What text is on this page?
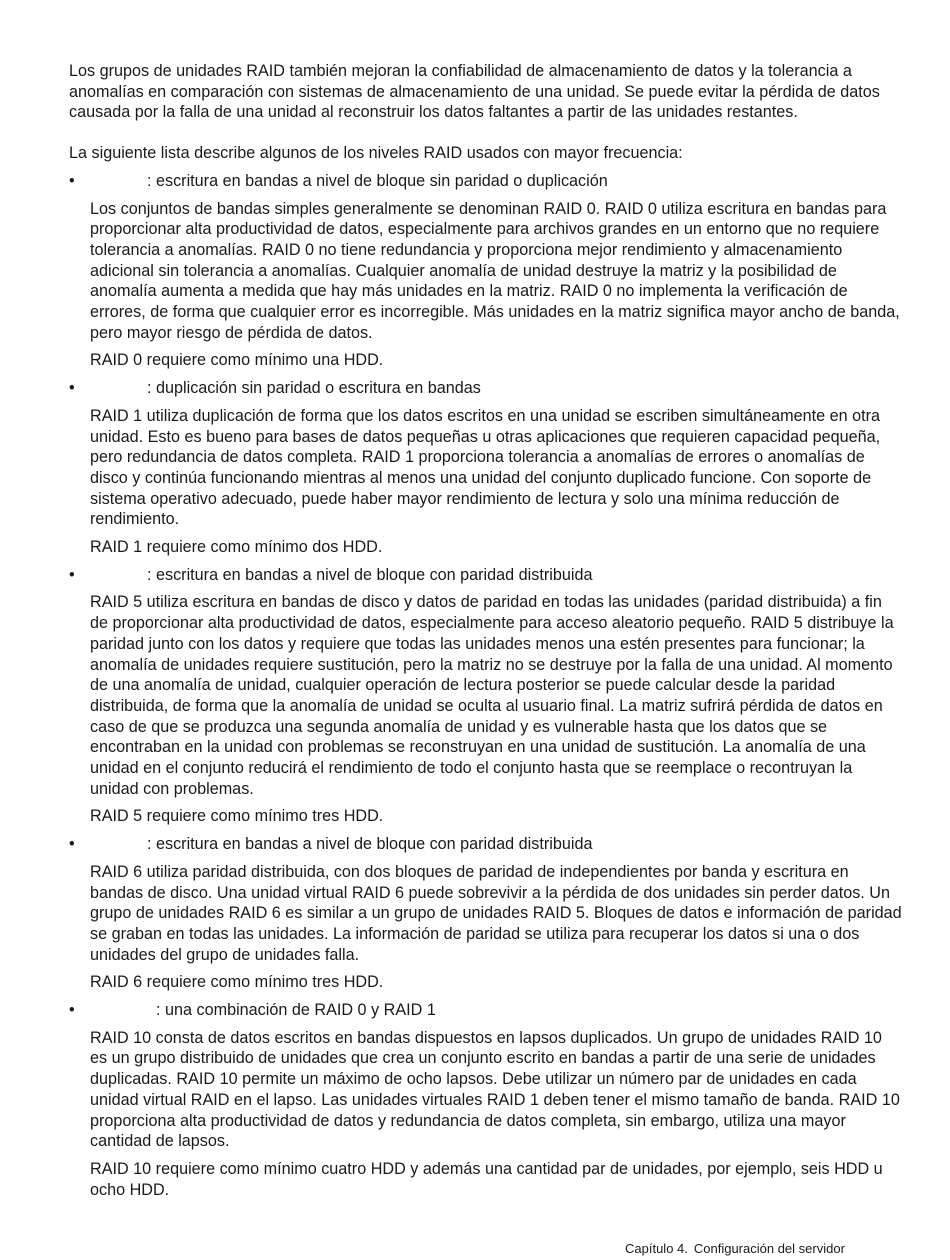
Los grupos de unidades RAID también mejoran la confiabilidad de almacenamiento de datos y la tolerancia a anomalías en comparación con sistemas de almacenamiento de una unidad. Se puede evitar la pérdida de datos causada por la falla de una unidad al reconstruir los datos faltantes a partir de las unidades restantes.

La siguiente lista describe algunos de los niveles RAID usados con mayor frecuencia:

•	: escritura en bandas a nivel de bloque sin paridad o duplicación

Los conjuntos de bandas simples generalmente se denominan RAID 0. RAID 0 utiliza escritura en bandas para proporcionar alta productividad de datos, especialmente para archivos grandes en un entorno que no requiere tolerancia a anomalías. RAID 0 no tiene redundancia y proporciona mejor rendimiento y almacenamiento adicional sin tolerancia a anomalías. Cualquier anomalía de unidad destruye la matriz y la posibilidad de anomalía aumenta a medida que hay más unidades en la matriz. RAID 0 no implementa la verificación de errores, de forma que cualquier error es incorregible. Más unidades en la matriz significa mayor ancho de banda, pero mayor riesgo de pérdida de datos.

RAID 0 requiere como mínimo una HDD.

•	: duplicación sin paridad o escritura en bandas

RAID 1 utiliza duplicación de forma que los datos escritos en una unidad se escriben simultáneamente en otra unidad. Esto es bueno para bases de datos pequeñas u otras aplicaciones que requieren capacidad pequeña, pero redundancia de datos completa. RAID 1 proporciona tolerancia a anomalías de errores o anomalías de disco y continúa funcionando mientras al menos una unidad del conjunto duplicado funcione. Con soporte de sistema operativo adecuado, puede haber mayor rendimiento de lectura y solo una mínima reducción de rendimiento.

RAID 1 requiere como mínimo dos HDD.

•	: escritura en bandas a nivel de bloque con paridad distribuida

RAID 5 utiliza escritura en bandas de disco y datos de paridad en todas las unidades (paridad distribuida) a fin de proporcionar alta productividad de datos, especialmente para acceso aleatorio pequeño. RAID 5 distribuye la paridad junto con los datos y requiere que todas las unidades menos una estén presentes para funcionar; la anomalía de unidades requiere sustitución, pero la matriz no se destruye por la falla de una unidad. Al momento de una anomalía de unidad, cualquier operación de lectura posterior se puede calcular desde la paridad distribuida, de forma que la anomalía de unidad se oculta al usuario final. La matriz sufrirá pérdida de datos en caso de que se produzca una segunda anomalía de unidad y es vulnerable hasta que los datos que se encontraban en la unidad con problemas se reconstruyan en una unidad de sustitución. La anomalía de una unidad en el conjunto reducirá el rendimiento de todo el conjunto hasta que se reemplace o recontruyan la unidad con problemas.

RAID 5 requiere como mínimo tres HDD.

•	: escritura en bandas a nivel de bloque con paridad distribuida

RAID 6 utiliza paridad distribuida, con dos bloques de paridad de independientes por banda y escritura en bandas de disco. Una unidad virtual RAID 6 puede sobrevivir a la pérdida de dos unidades sin perder datos. Un grupo de unidades RAID 6 es similar a un grupo de unidades RAID 5. Bloques de datos e información de paridad se graban en todas las unidades. La información de paridad se utiliza para recuperar los datos si una o dos unidades del grupo de unidades falla.

RAID 6 requiere como mínimo tres HDD.

•	: una combinación de RAID 0 y RAID 1

RAID 10 consta de datos escritos en bandas dispuestos en lapsos duplicados. Un grupo de unidades RAID 10 es un grupo distribuido de unidades que crea un conjunto escrito en bandas a partir de una serie de unidades duplicadas. RAID 10 permite un máximo de ocho lapsos. Debe utilizar un número par de unidades en cada unidad virtual RAID en el lapso. Las unidades virtuales RAID 1 deben tener el mismo tamaño de banda. RAID 10 proporciona alta productividad de datos y redundancia de datos completa, sin embargo, utiliza una mayor cantidad de lapsos.

RAID 10 requiere como mínimo cuatro HDD y además una cantidad par de unidades, por ejemplo, seis HDD u ocho HDD.

Capítulo 4. Configuración del servidor
